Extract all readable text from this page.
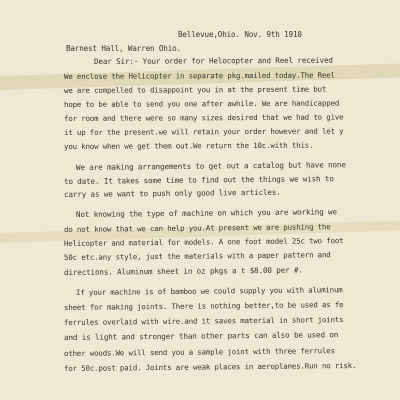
Bellevue,Ohio. Nov. 9th 1910
Barnest Hall, Warren Ohio.
Dear Sir:- Your order for Helocopter and Reel received
We enclose the Helicopter in separate pkg.mailed today.The Reel
we are compelled to disappoint you in at the present time but
hope to be able to send you one after awhile. We are handicapped
for room and there were so many sizes desired that we had to give
it up for the present.we will retain your order however and let y
you know when we get them out.We return the 10c.with this.
We are making arrangements to get out a catalog but have none
to date. It takes some time to find out the things we wish to
carry as we want to push only good live articles.
Not knowing the type of machine on which you are working we
do not know that we can help you.At present we are pushing the
Helicopter and material for models. A one foot model 25c two foot
50c etc.any style, just the materials with a paper pattern and
directions. Aluminum sheet in oz pkgs a t $8.00 per #.
If your machine is of bamboo we could supply you with aluminum
sheet for making joints. There is nothing better,to be used as fe
ferrules overlaid with wire.and it saves material in short joints
and is light and stronger than other parts can also be used on
other woods.We will send you a sample joint with three ferrules
for 50c.post paid. Joints are weak places in aeroplanes.Run no risk.
